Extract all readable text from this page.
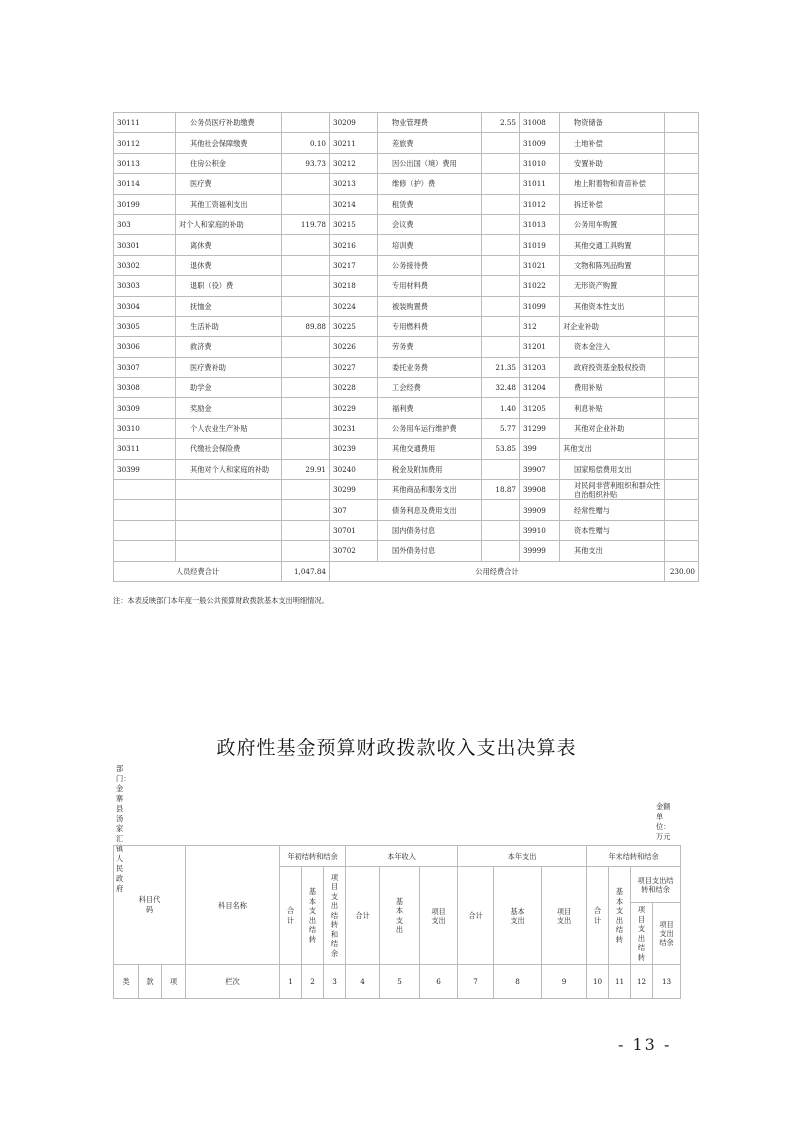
30111	公务员医疗补助缴费		30209	物业管理费	2.55	31008	物资储备	
30112	其他社会保障缴费	0.10	30211	差旅费		31009	土地补偿	
30113	住房公积金	93.73	30212	因公出国（境）费用		31010	安置补助	
30114	医疗费		30213	维修（护）费		31011	地上附着物和青苗补偿	
30199	其他工资福利支出		30214	租赁费		31012	拆迁补偿	
303	对个人和家庭的补助	119.78	30215	会议费		31013	公务用车购置	
30301	离休费		30216	培训费		31019	其他交通工具购置	
30302	退休费		30217	公务接待费		31021	文物和陈列品购置	
30303	退职（役）费		30218	专用材料费		31022	无形资产购置	
30304	抚恤金		30224	被装购置费		31099	其他资本性支出	
30305	生活补助	89.88	30225	专用燃料费		312	对企业补助	
30306	救济费		30226	劳务费		31201	资本金注入	
30307	医疗费补助		30227	委托业务费	21.35	31203	政府投资基金股权投资	
30308	助学金		30228	工会经费	32.48	31204	费用补贴	
30309	奖励金		30229	福利费	1.40	31205	利息补贴	
30310	个人农业生产补贴		30231	公务用车运行维护费	5.77	31299	其他对企业补助	
30311	代缴社会保险费		30239	其他交通费用	53.85	399	其他支出	
30399	其他对个人和家庭的补助	29.91	30240	税金及附加费用		39907	国家赔偿费用支出	
			30299	其他商品和服务支出	18.87	39908	对民间非营利组织和群众性自治组织补贴	
			307	债务利息及费用支出		39909	经常性赠与	
			30701	国内债务付息		39910	资本性赠与	
			30702	国外债务付息		39999	其他支出	
人员经费合计		1,047.84	公用经费合计					230.00
注：本表反映部门本年度一般公共预算财政拨款基本支出明细情况。
政府性基金预算财政拨款收入支出决算表
部门：金寨县汤家汇镇人民政府
金额单位：万元
科目代码			科目名称	年初结转和结余			本年收入			本年支出			年末结转和结余			
				合计	基本支出结转	项目支出结转和结余	合计	基本支出	项目支出	合计	基本支出	项目支出	合计	基本支出结转	项目支出结转和结余	
															项目支出结转	项目支出结余
类	款	项	栏次	1	2	3	4	5	6	7	8	9	10	11	12	13
- 13 -
